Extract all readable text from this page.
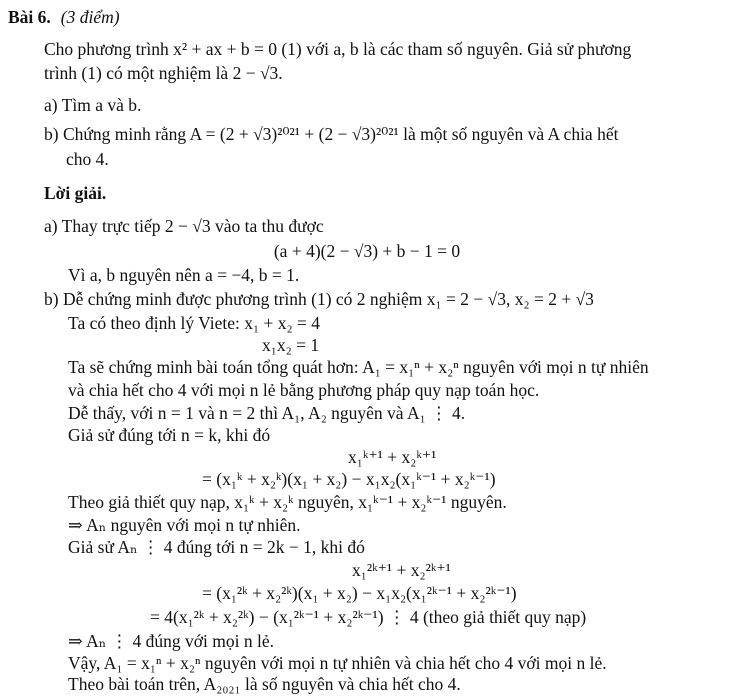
Bài 6. (3 điểm)
Cho phương trình x² + ax + b = 0 (1) với a, b là các tham số nguyên. Giả sử phương
trình (1) có một nghiệm là 2 − √3.
a) Tìm a và b.
b) Chứng minh rằng A = (2 + √3)²⁰²¹ + (2 − √3)²⁰²¹ là một số nguyên và A chia hết
cho 4.
Lời giải.
a) Thay trực tiếp 2 − √3 vào ta thu được
(a + 4)(2 − √3) + b − 1 = 0
Vì a, b nguyên nên a = −4, b = 1.
b) Dễ chứng minh được phương trình (1) có 2 nghiệm x₁ = 2 − √3, x₂ = 2 + √3
Ta có theo định lý Viete: x₁ + x₂ = 4
x₁x₂ = 1
Ta sẽ chứng minh bài toán tổng quát hơn: A₁ = x₁ⁿ + x₂ⁿ nguyên với mọi n tự nhiên
và chia hết cho 4 với mọi n lẻ bằng phương pháp quy nạp toán học.
Dễ thấy, với n = 1 và n = 2 thì A₁, A₂ nguyên và A₁ ⋮ 4.
Giả sử đúng tới n = k, khi đó
x₁ᵏ⁺¹ + x₂ᵏ⁺¹
= (x₁ᵏ + x₂ᵏ)(x₁ + x₂) − x₁x₂(x₁ᵏ⁻¹ + x₂ᵏ⁻¹)
Theo giả thiết quy nạp, x₁ᵏ + x₂ᵏ nguyên, x₁ᵏ⁻¹ + x₂ᵏ⁻¹ nguyên.
⇒ Aₙ nguyên với mọi n tự nhiên.
Giả sử Aₙ ⋮ 4 đúng tới n = 2k − 1, khi đó
x₁²ᵏ⁺¹ + x₂²ᵏ⁺¹
= (x₁²ᵏ + x₂²ᵏ)(x₁ + x₂) − x₁x₂(x₁²ᵏ⁻¹ + x₂²ᵏ⁻¹)
= 4(x₁²ᵏ + x₂²ᵏ) − (x₁²ᵏ⁻¹ + x₂²ᵏ⁻¹) ⋮ 4 (theo giả thiết quy nạp)
⇒ Aₙ ⋮ 4 đúng với mọi n lẻ.
Vậy, A₁ = x₁ⁿ + x₂ⁿ nguyên với mọi n tự nhiên và chia hết cho 4 với mọi n lẻ.
Theo bài toán trên, A₂₀₂₁ là số nguyên và chia hết cho 4.
